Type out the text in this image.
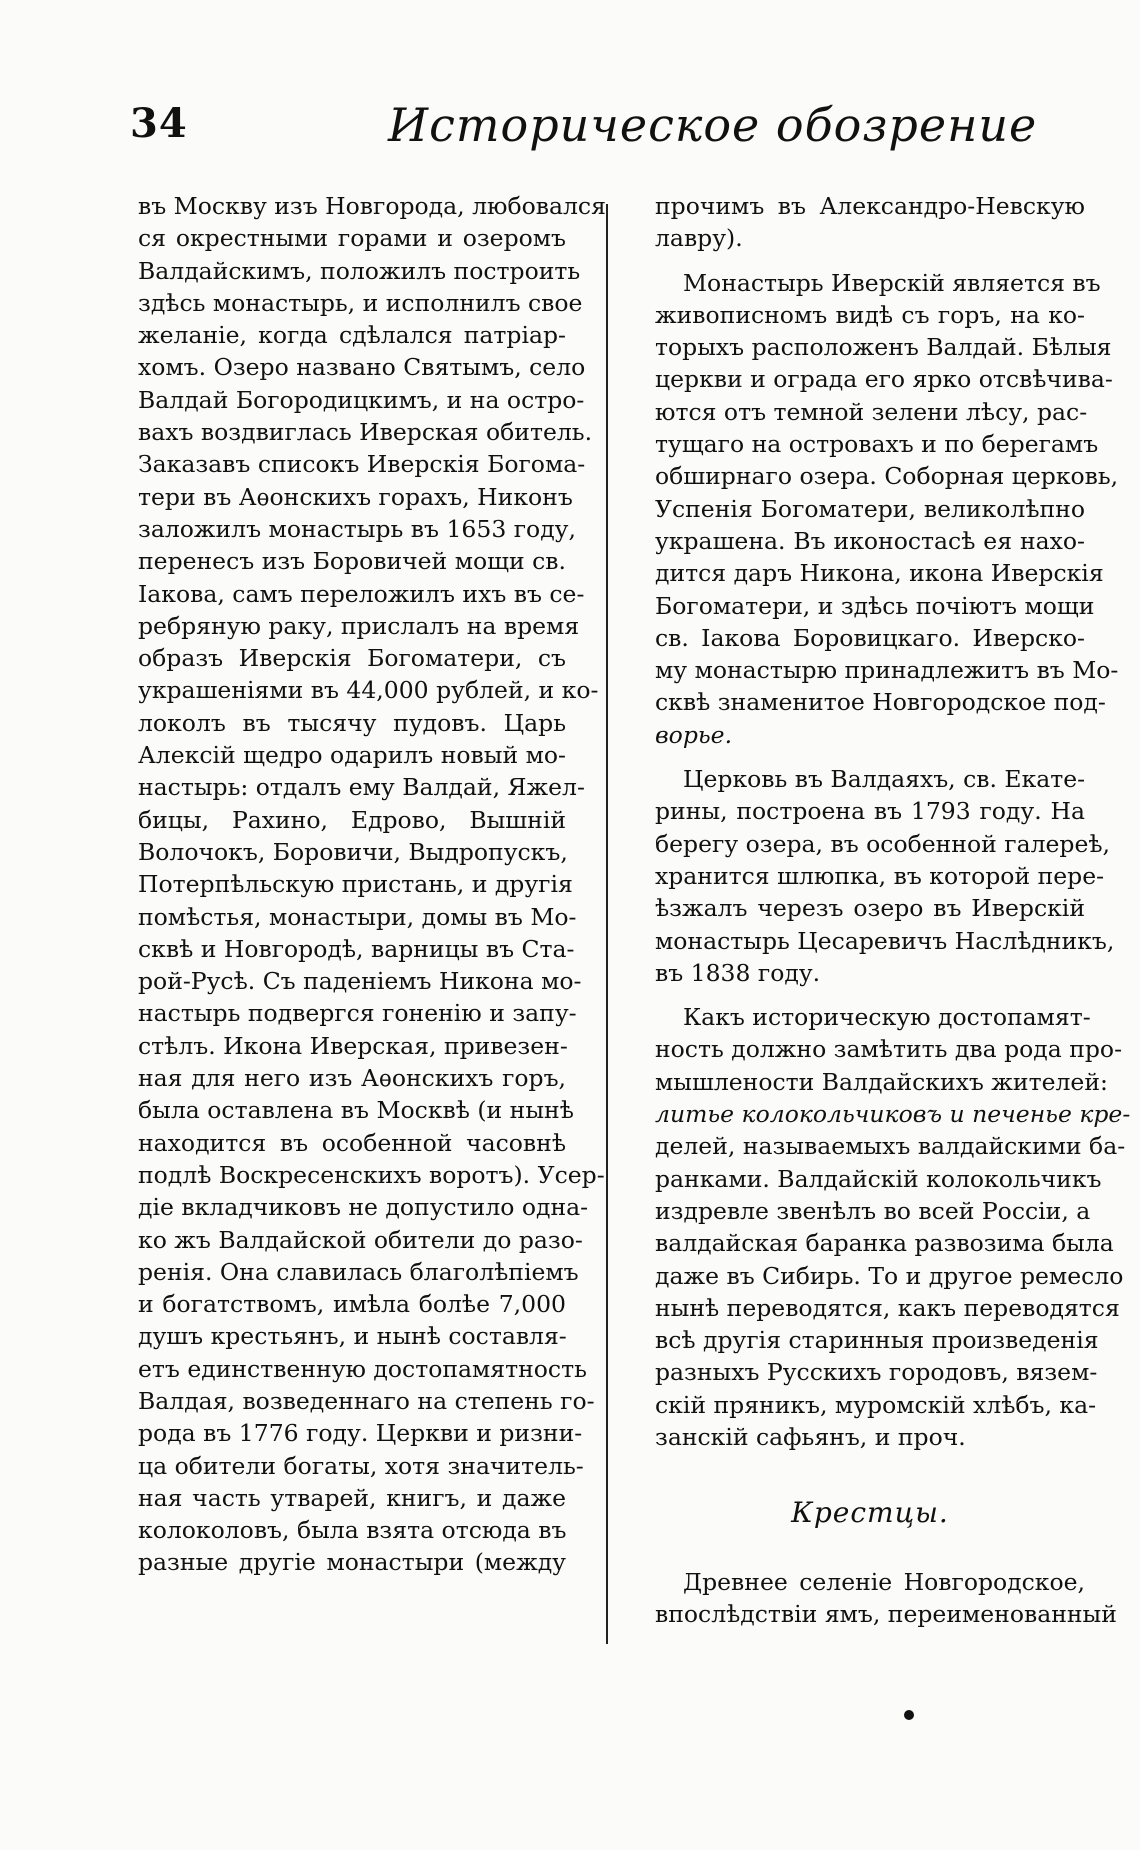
34	Историческое обозрение
въ Москву изъ Новгорода, любовался
ся окрестными горами и озеромъ
Валдайскимъ, положилъ построить
здѣсь монастырь, и исполнилъ свое
желаніе, когда сдѣлался патріар-
хомъ. Озеро названо Святымъ, село
Валдай Богородицкимъ, и на остро-
вахъ воздвиглась Иверская обитель.
Заказавъ списокъ Иверскія Богома-
тери въ Аѳонскихъ горахъ, Никонъ
заложилъ монастырь въ 1653 году,
перенесъ изъ Боровичей мощи св.
Іакова, самъ переложилъ ихъ въ се-
ребряную раку, прислалъ на время
образъ Иверскія Богоматери, съ
украшеніями въ 44,000 рублей, и ко-
локолъ въ тысячу пудовъ. Царь
Алексій щедро одарилъ новый мо-
настырь: отдалъ ему Валдай, Яжел-
бицы, Рахино, Едрово, Вышній
Волочокъ, Боровичи, Выдропускъ,
Потерпѣльскую пристань, и другія
помѣстья, монастыри, домы въ Мо-
сквѣ и Новгородѣ, варницы въ Ста-
рой-Русѣ. Съ паденіемъ Никона мо-
настырь подвергся гоненію и запу-
стѣлъ. Икона Иверская, привезен-
ная для него изъ Аѳонскихъ горъ,
была оставлена въ Москвѣ (и нынѣ
находится въ особенной часовнѣ
подлѣ Воскресенскихъ воротъ). Усер-
діе вкладчиковъ не допустило одна-
ко жъ Валдайской обители до разо-
ренія. Она славилась благолѣпіемъ
и богатствомъ, имѣла болѣе 7,000
душъ крестьянъ, и нынѣ составля-
етъ единственную достопамятность
Валдая, возведеннаго на степень го-
рода въ 1776 году. Церкви и ризни-
ца обители богаты, хотя значитель-
ная часть утварей, книгъ, и даже
колоколовъ, была взята отсюда въ
разные другіе монастыри (между
прочимъ въ Александро-Невскую
лавру).
Монастырь Иверскій является въ
живописномъ видѣ съ горъ, на ко-
торыхъ расположенъ Валдай. Бѣлыя
церкви и ограда его ярко отсвѣчива-
ются отъ темной зелени лѣсу, рас-
тущаго на островахъ и по берегамъ
обширнаго озера. Соборная церковь,
Успенія Богоматери, великолѣпно
украшена. Въ иконостасѣ ея нахо-
дится даръ Никона, икона Иверскія
Богоматери, и здѣсь почіютъ мощи
св. Іакова Боровицкаго. Иверско-
му монастырю принадлежитъ въ Мо-
сквѣ знаменитое Новгородское под-
ворье.
Церковь въ Валдаяхъ, св. Екате-
рины, построена въ 1793 году. На
берегу озера, въ особенной галереѣ,
хранится шлюпка, въ которой пере-
ѣзжалъ черезъ озеро въ Иверскій
монастырь Цесаревичъ Наслѣдникъ,
въ 1838 году.
Какъ историческую достопамят-
ность должно замѣтить два рода про-
мышлености Валдайскихъ жителей:
литье колокольчиковъ и печенье кре-
делей, называемыхъ валдайскими ба-
ранками. Валдайскій колокольчикъ
издревле звенѣлъ во всей Россіи, а
валдайская баранка развозима была
даже въ Сибирь. То и другое ремесло
нынѣ переводятся, какъ переводятся
всѣ другія старинныя произведенія
разныхъ Русскихъ городовъ, вязем-
скій пряникъ, муромскій хлѣбъ, ка-
занскій сафьянъ, и проч.
Крестцы.
Древнее селеніе Новгородское,
впослѣдствіи ямъ, переименованный
